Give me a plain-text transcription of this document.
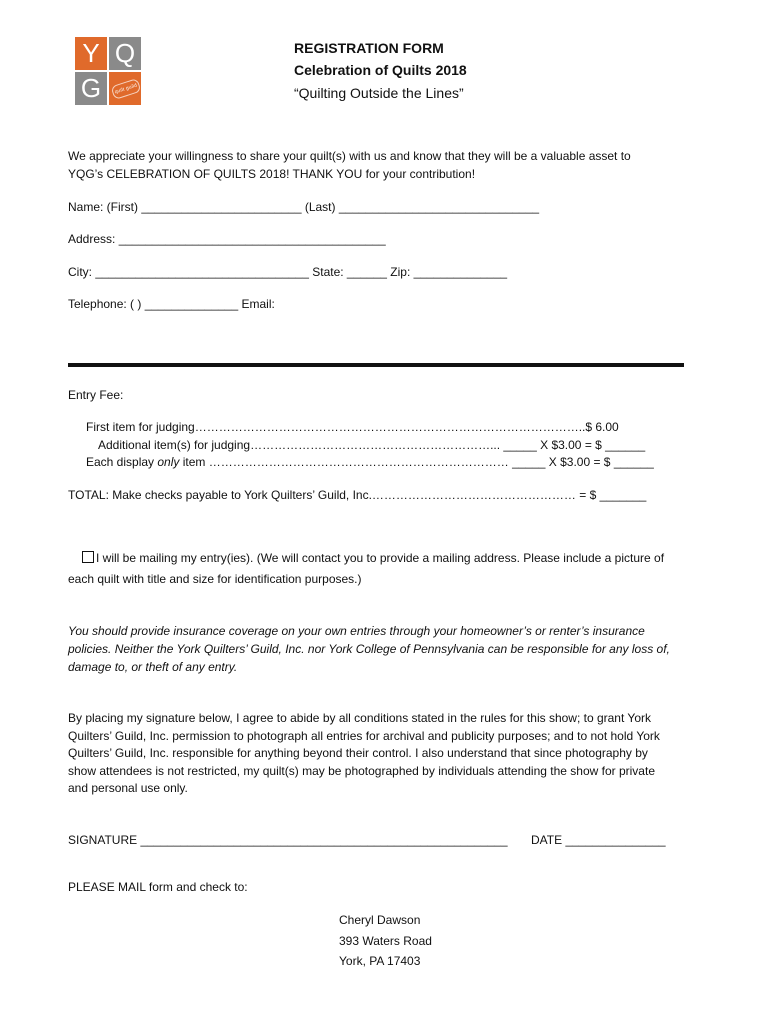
Y Q
G	quilt guild
REGISTRATION FORM
Celebration of Quilts 2018
“Quilting Outside the Lines”
We appreciate your willingness to share your quilt(s) with us and know that they will be a valuable asset to
YQG’s CELEBRATION OF QUILTS 2018! THANK YOU for your contribution!
Name: (First) ________________________ (Last) ______________________________
Address: ________________________________________
City: ________________________________ State: ______ Zip: ______________
Telephone: ( ) ______________ Email:
Entry Fee:
First item for judging……………………………………………………………………………………..$ 6.00
Additional item(s) for judging……………………………………………………... _____ X $3.00 = $ ______
Each display only item ………………………………………………………………… _____ X $3.00 = $ ______
TOTAL: Make checks payable to York Quilters’ Guild, Inc.…………………………………………… = $ _______
I will be mailing my entry(ies). (We will contact you to provide a mailing address. Please include a picture of
each quilt with title and size for identification purposes.)
You should provide insurance coverage on your own entries through your homeowner’s or renter’s insurance
policies. Neither the York Quilters’ Guild, Inc. nor York College of Pennsylvania can be responsible for any loss of,
damage to, or theft of any entry.
By placing my signature below, I agree to abide by all conditions stated in the rules for this show; to grant York
Quilters’ Guild, Inc. permission to photograph all entries for archival and publicity purposes; and to not hold York
Quilters’ Guild, Inc. responsible for anything beyond their control. I also understand that since photography by
show attendees is not restricted, my quilt(s) may be photographed by individuals attending the show for private
and personal use only.
SIGNATURE _______________________________________________________ DATE _______________
PLEASE MAIL form and check to:
Cheryl Dawson
393 Waters Road
York, PA 17403
